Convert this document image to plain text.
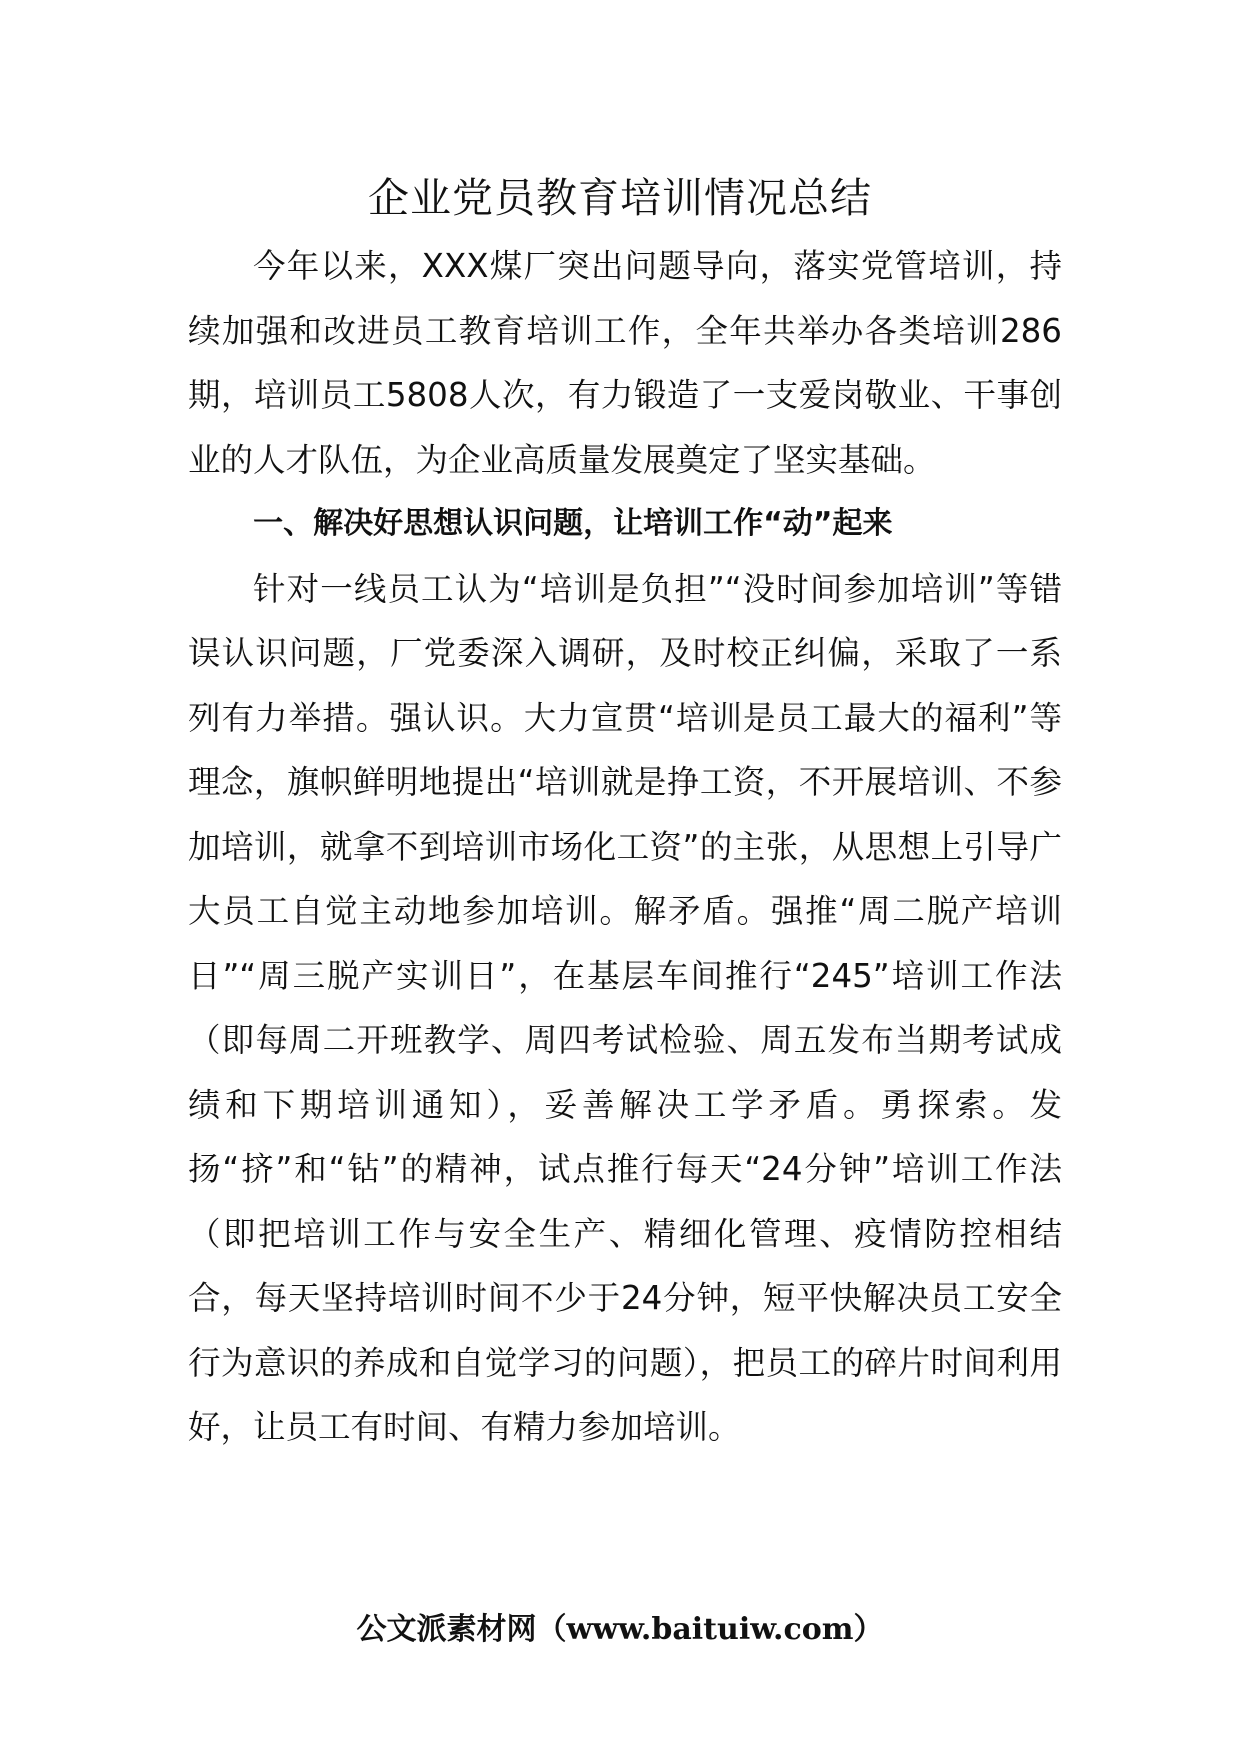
企业党员教育培训情况总结

今年以来，XXX煤厂突出问题导向，落实党管培训，持续加强和改进员工教育培训工作，全年共举办各类培训286期，培训员工5808人次，有力锻造了一支爱岗敬业、干事创业的人才队伍，为企业高质量发展奠定了坚实基础。

一、解决好思想认识问题，让培训工作“动”起来

针对一线员工认为“培训是负担”“没时间参加培训”等错误认识问题，厂党委深入调研，及时校正纠偏，采取了一系列有力举措。强认识。大力宣贯“培训是员工最大的福利”等理念，旗帜鲜明地提出“培训就是挣工资，不开展培训、不参加培训，就拿不到培训市场化工资”的主张，从思想上引导广大员工自觉主动地参加培训。解矛盾。强推“周二脱产培训日”“周三脱产实训日”，在基层车间推行“245”培训工作法（即每周二开班教学、周四考试检验、周五发布当期考试成绩和下期培训通知），妥善解决工学矛盾。勇探索。发扬“挤”和“钻”的精神，试点推行每天“24分钟”培训工作法（即把培训工作与安全生产、精细化管理、疫情防控相结合，每天坚持培训时间不少于24分钟，短平快解决员工安全行为意识的养成和自觉学习的问题），把员工的碎片时间利用好，让员工有时间、有精力参加培训。

公文派素材网（www.baituiw.com）
